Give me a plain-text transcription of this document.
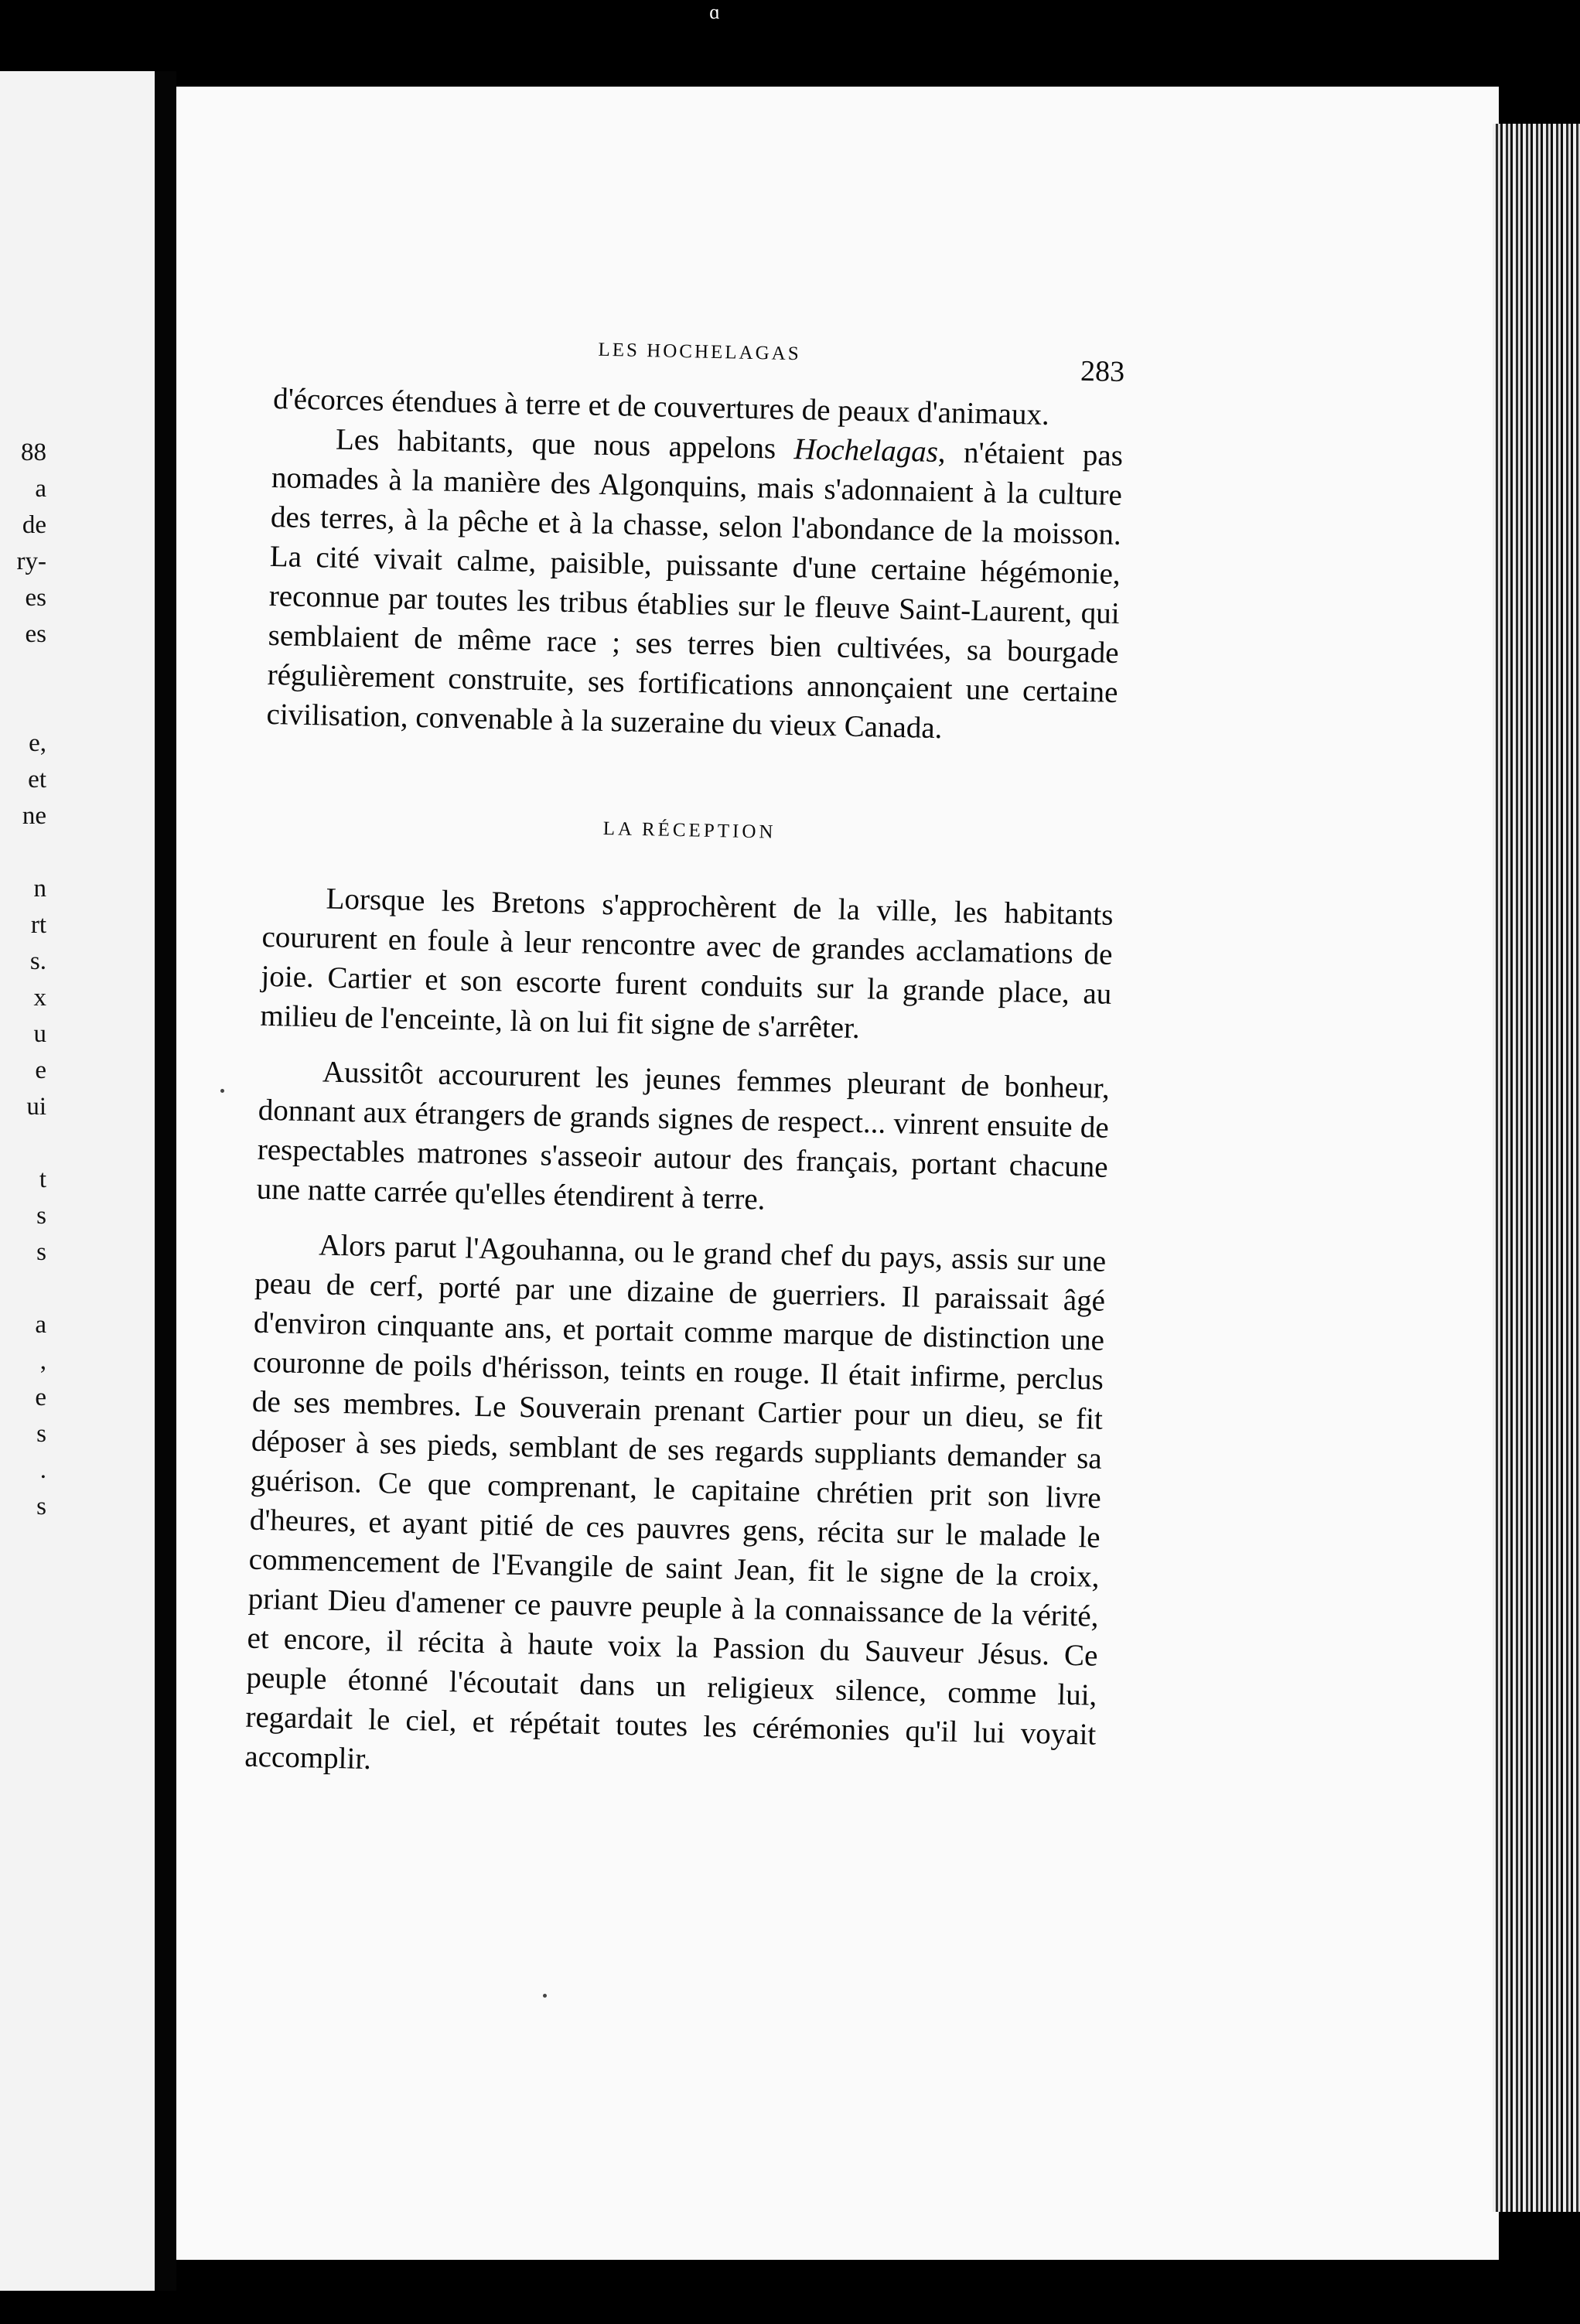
88
a
de
ry-
es
es

e,
et
ne

n
rt
s.
x
u
e
ui

t
s
s

a
,
e
s
.
s
ɑ
LES HOCHELAGAS
283

d'écorces étendues à terre et de couvertures de peaux d'animaux.

Les habitants, que nous appelons Hochelagas, n'étaient pas nomades à la manière des Algonquins, mais s'adonnaient à la culture des terres, à la pêche et à la chasse, selon l'abondance de la moisson. La cité vivait calme, paisible, puissante d'une certaine hégémonie, reconnue par toutes les tribus établies sur le fleuve Saint-Laurent, qui semblaient de même race ; ses terres bien cultivées, sa bourgade régulièrement construite, ses fortifications annonçaient une certaine civilisation, convenable à la suzeraine du vieux Canada.

LA RÉCEPTION

Lorsque les Bretons s'approchèrent de la ville, les habitants coururent en foule à leur rencontre avec de grandes acclamations de joie. Cartier et son escorte furent conduits sur la grande place, au milieu de l'enceinte, là on lui fit signe de s'arrêter.

Aussitôt accoururent les jeunes femmes pleurant de bonheur, donnant aux étrangers de grands signes de respect... vinrent ensuite de respectables matrones s'asseoir autour des français, portant chacune une natte carrée qu'elles étendirent à terre.

Alors parut l'Agouhanna, ou le grand chef du pays, assis sur une peau de cerf, porté par une dizaine de guerriers. Il paraissait âgé d'environ cinquante ans, et portait comme marque de distinction une couronne de poils d'hérisson, teints en rouge. Il était infirme, perclus de ses membres. Le Souverain prenant Cartier pour un dieu, se fit déposer à ses pieds, semblant de ses regards suppliants demander sa guérison. Ce que comprenant, le capitaine chrétien prit son livre d'heures, et ayant pitié de ces pauvres gens, récita sur le malade le commencement de l'Evangile de saint Jean, fit le signe de la croix, priant Dieu d'amener ce pauvre peuple à la connaissance de la vérité, et encore, il récita à haute voix la Passion du Sauveur Jésus. Ce peuple étonné l'écoutait dans un religieux silence, comme lui, regardait le ciel, et répétait toutes les cérémonies qu'il lui voyait accomplir.
